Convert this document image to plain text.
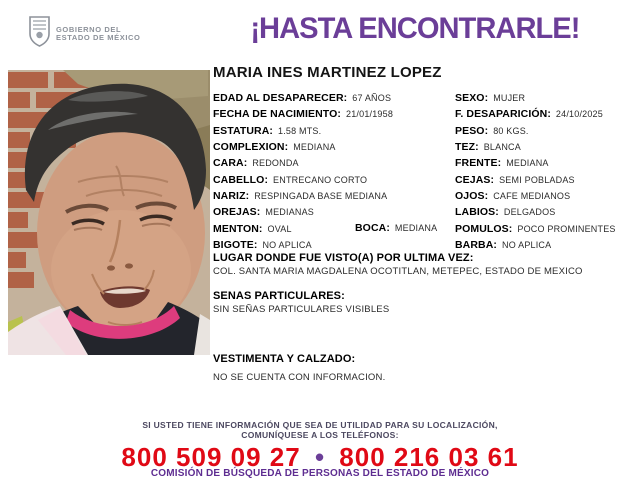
GOBIERNO DEL
ESTADO DE MÉXICO	¡HASTA ENCONTRARLE!
MARIA INES MARTINEZ LOPEZ
EDAD AL DESAPARECER: 67 AÑOS
FECHA DE NACIMIENTO: 21/01/1958
ESTATURA: 1.58 MTS.
COMPLEXION: MEDIANA
CARA: REDONDA
CABELLO: ENTRECANO CORTO
NARIZ: RESPINGADA BASE MEDIANA
OREJAS: MEDIANAS
MENTON: OVAL
BIGOTE: NO APLICA
BOCA: MEDIANA
SEXO: MUJER
F. DESAPARICIÓN: 24/10/2025
PESO: 80 KGS.
TEZ: BLANCA
FRENTE: MEDIANA
CEJAS: SEMI POBLADAS
OJOS: CAFE MEDIANOS
LABIOS: DELGADOS
POMULOS: POCO PROMINENTES
BARBA: NO APLICA
LUGAR DONDE FUE VISTO(A) POR ULTIMA VEZ:
COL. SANTA MARIA MAGDALENA OCOTITLAN, METEPEC, ESTADO DE MEXICO
SENAS PARTICULARES:
SIN SEÑAS PARTICULARES VISIBLES
VESTIMENTA Y CALZADO:
NO SE CUENTA CON INFORMACION.
SI USTED TIENE INFORMACIÓN QUE SEA DE UTILIDAD PARA SU LOCALIZACIÓN,
COMUNÍQUESE A LOS TELÉFONOS:
800 509 09 27 • 800 216 03 61
COMISIÓN DE BÚSQUEDA DE PERSONAS DEL ESTADO DE MÉXICO
